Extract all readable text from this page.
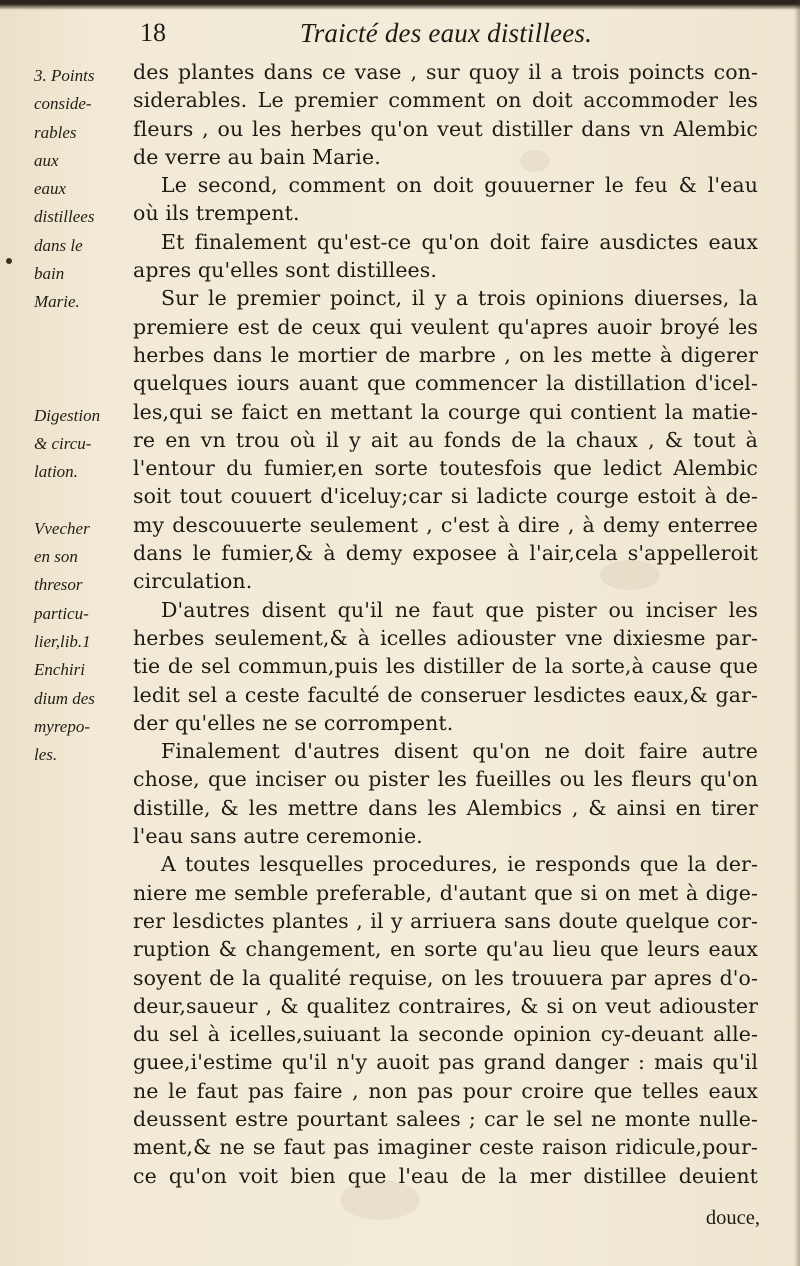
18	Traicté des eaux distillees.
3. Points
conside-
rables
aux
eaux
distillees
dans le
bain
Marie.
Digestion
& circu-
lation.
Vvecher
en son
thresor
particu-
lier,lib.1
Enchiri
dium des
myrepo-
les.
des plantes dans ce vase , sur quoy il a trois poincts con-
siderables. Le premier comment on doit accommoder les
fleurs , ou les herbes qu'on veut distiller dans vn Alembic
de verre au bain Marie.
Le second, comment on doit gouuerner le feu & l'eau
où ils trempent.
Et finalement qu'est-ce qu'on doit faire ausdictes eaux
apres qu'elles sont distillees.
Sur le premier poinct, il y a trois opinions diuerses, la
premiere est de ceux qui veulent qu'apres auoir broyé les
herbes dans le mortier de marbre , on les mette à digerer
quelques iours auant que commencer la distillation d'icel-
les,qui se faict en mettant la courge qui contient la matie-
re en vn trou où il y ait au fonds de la chaux , & tout à
l'entour du fumier,en sorte toutesfois que ledict Alembic
soit tout couuert d'iceluy;car si ladicte courge estoit à de-
my descouuerte seulement , c'est à dire , à demy enterree
dans le fumier,& à demy exposee à l'air,cela s'appelleroit
circulation.
D'autres disent qu'il ne faut que pister ou inciser les
herbes seulement,& à icelles adiouster vne dixiesme par-
tie de sel commun,puis les distiller de la sorte,à cause que
ledit sel a ceste faculté de conseruer lesdictes eaux,& gar-
der qu'elles ne se corrompent.
Finalement d'autres disent qu'on ne doit faire autre
chose, que inciser ou pister les fueilles ou les fleurs qu'on
distille, & les mettre dans les Alembics , & ainsi en tirer
l'eau sans autre ceremonie.
A toutes lesquelles procedures, ie responds que la der-
niere me semble preferable, d'autant que si on met à dige-
rer lesdictes plantes , il y arriuera sans doute quelque cor-
ruption & changement, en sorte qu'au lieu que leurs eaux
soyent de la qualité requise, on les trouuera par apres d'o-
deur,saueur , & qualitez contraires, & si on veut adiouster
du sel à icelles,suiuant la seconde opinion cy-deuant alle-
guee,i'estime qu'il n'y auoit pas grand danger : mais qu'il
ne le faut pas faire , non pas pour croire que telles eaux
deussent estre pourtant salees ; car le sel ne monte nulle-
ment,& ne se faut pas imaginer ceste raison ridicule,pour-
ce qu'on voit bien que l'eau de la mer distillee deuient
douce,
